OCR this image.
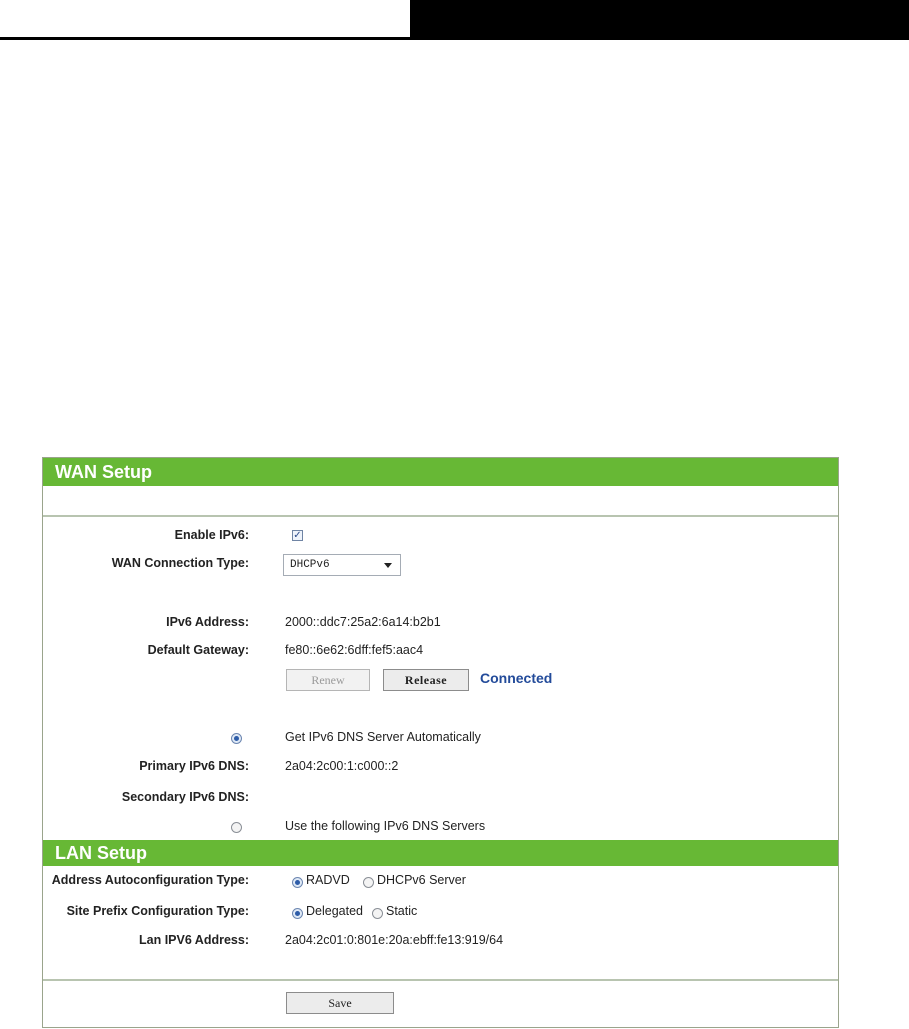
WAN Setup
Enable IPv6:	✓
WAN Connection Type:	DHCPv6
IPv6 Address:	2000::ddc7:25a2:6a14:b2b1
Default Gateway:	fe80::6e62:6dff:fef5:aac4
Renew	Release	Connected
Get IPv6 DNS Server Automatically
Primary IPv6 DNS:	2a04:2c00:1:c000::2
Secondary IPv6 DNS:
Use the following IPv6 DNS Servers
LAN Setup
Address Autoconfiguration Type:	RADVD DHCPv6 Server
Site Prefix Configuration Type:	Delegated Static
Lan IPV6 Address:	2a04:2c01:0:801e:20a:ebff:fe13:919/64
Save
